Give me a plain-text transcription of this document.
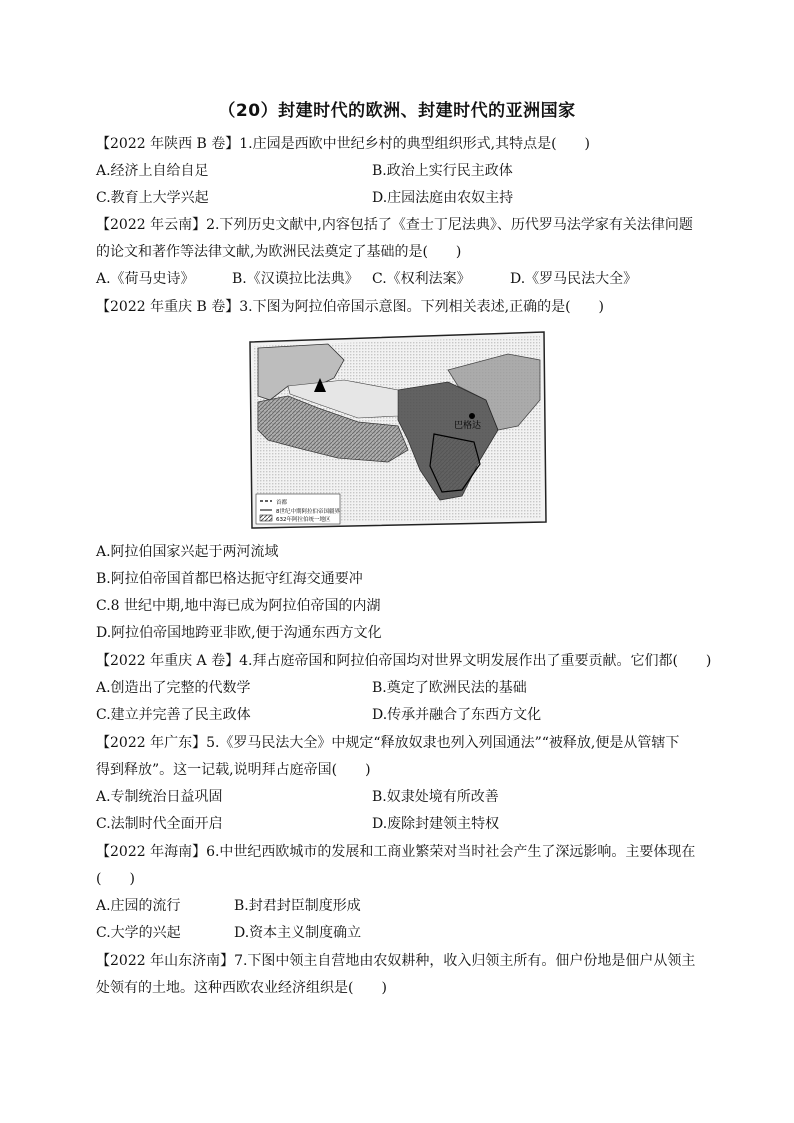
（20）封建时代的欧洲、封建时代的亚洲国家
【2022 年陕西 B 卷】1.庄园是西欧中世纪乡村的典型组织形式,其特点是(　　)
A.经济上自给自足	B.政治上实行民主政体
C.教育上大学兴起	D.庄园法庭由农奴主持
【2022 年云南】2.下列历史文献中,内容包括了《查士丁尼法典》、历代罗马法学家有关法律问题
的论文和著作等法律文献,为欧洲民法奠定了基础的是(　　)
A.《荷马史诗》	B.《汉谟拉比法典》 C.《权利法案》	D.《罗马民法大全》
【2022 年重庆 B 卷】3.下图为阿拉伯帝国示意图。下列相关表述,正确的是(　　)
巴格达
首都
8世纪中期阿拉伯帝国疆界
632年阿拉伯统一地区
A.阿拉伯国家兴起于两河流域
B.阿拉伯帝国首都巴格达扼守红海交通要冲
C.8 世纪中期,地中海已成为阿拉伯帝国的内湖
D.阿拉伯帝国地跨亚非欧,便于沟通东西方文化
【2022 年重庆 A 卷】4.拜占庭帝国和阿拉伯帝国均对世界文明发展作出了重要贡献。它们都(　　)
A.创造出了完整的代数学	B.奠定了欧洲民法的基础
C.建立并完善了民主政体	D.传承并融合了东西方文化
【2022 年广东】5.《罗马民法大全》中规定“释放奴隶也列入列国通法”“被释放,便是从管辖下
得到释放”。这一记载,说明拜占庭帝国(　　)
A.专制统治日益巩固	B.奴隶处境有所改善
C.法制时代全面开启	D.废除封建领主特权
【2022 年海南】6.中世纪西欧城市的发展和工商业繁荣对当时社会产生了深远影响。主要体现在
(　　)
A.庄园的流行	B.封君封臣制度形成
C.大学的兴起	D.资本主义制度确立
【2022 年山东济南】7.下图中领主自营地由农奴耕种，收入归领主所有。佃户份地是佃户从领主
处领有的土地。这种西欧农业经济组织是(　　)
